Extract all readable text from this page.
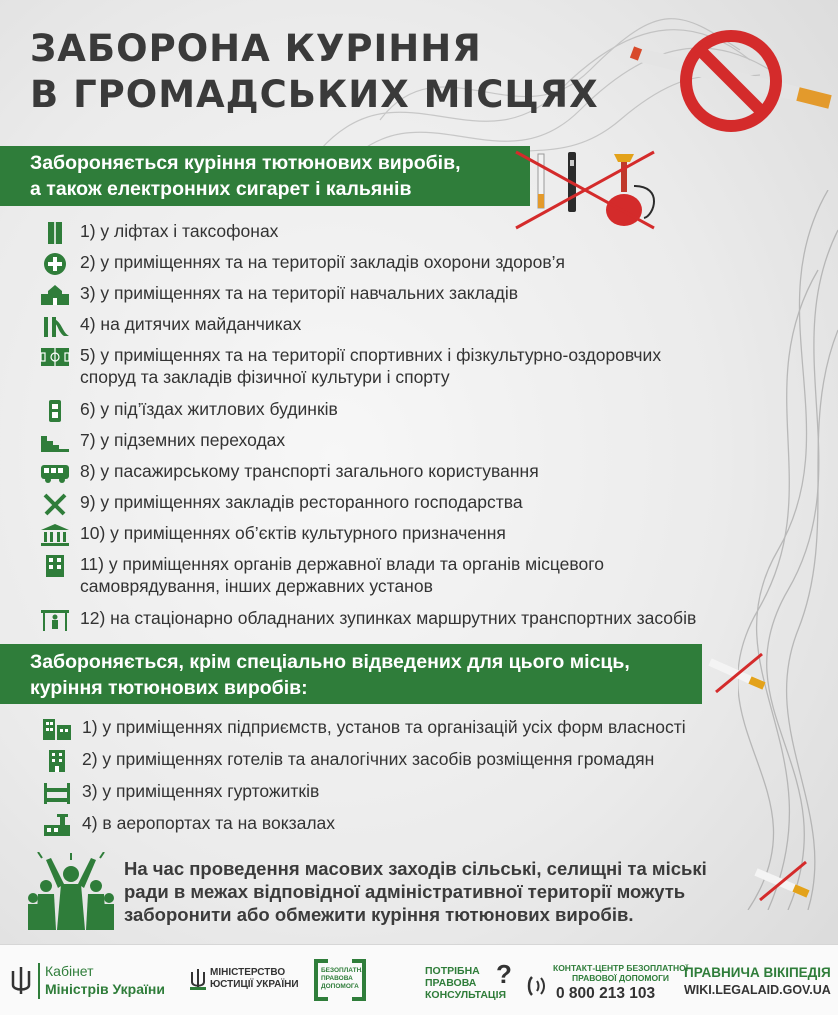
ЗАБОРОНА КУРІННЯ
В ГРОМАДСЬКИХ МІСЦЯХ
Забороняється куріння тютюнових виробів,
а також електронних сигарет і кальянів
1) у ліфтах і таксофонах
2) у приміщеннях та на території закладів охорони здоров’я
3) у приміщеннях та на території навчальних закладів
4) на дитячих майданчиках
5) у приміщеннях та на території спортивних і фізкультурно-оздоровчих
споруд та закладів фізичної культури і спорту
6) у під’їздах житлових будинків
7) у підземних переходах
8) у пасажирському транспорті загального користування
9) у приміщеннях закладів ресторанного господарства
10) у приміщеннях об’єктів культурного призначення
11) у приміщеннях органів державної влади та органів місцевого
самоврядування, інших державних установ
12) на стаціонарно обладнаних зупинках маршрутних транспортних засобів
Забороняється, крім спеціально відведених для цього місць,
куріння тютюнових виробів:
1) у приміщеннях підприємств, установ та організацій усіх форм власності
2) у приміщеннях готелів та аналогічних засобів розміщення громадян
3) у приміщеннях гуртожитків
4) в аеропортах та на вокзалах
На час проведення масових заходів сільські, селищні та міські
ради в межах відповідної адміністративної території можуть
заборонити або обмежити куріння тютюнових виробів.
Кабінет
Міністрів України
МІНІСТЕРСТВО
ЮСТИЦІЇ УКРАЇНИ
БЕЗОПЛАТНА
ПРАВОВА
ДОПОМОГА
ПОТРІБНА
ПРАВОВА
КОНСУЛЬТАЦІЯ
?	КОНТАКТ-ЦЕНТР БЕЗОПЛАТНОЇ
ПРАВОВОЇ ДОПОМОГИ
0 800 213 103
ПРАВНИЧА ВІКІПЕДІЯ
WIKI.LEGALAID.GOV.UA
